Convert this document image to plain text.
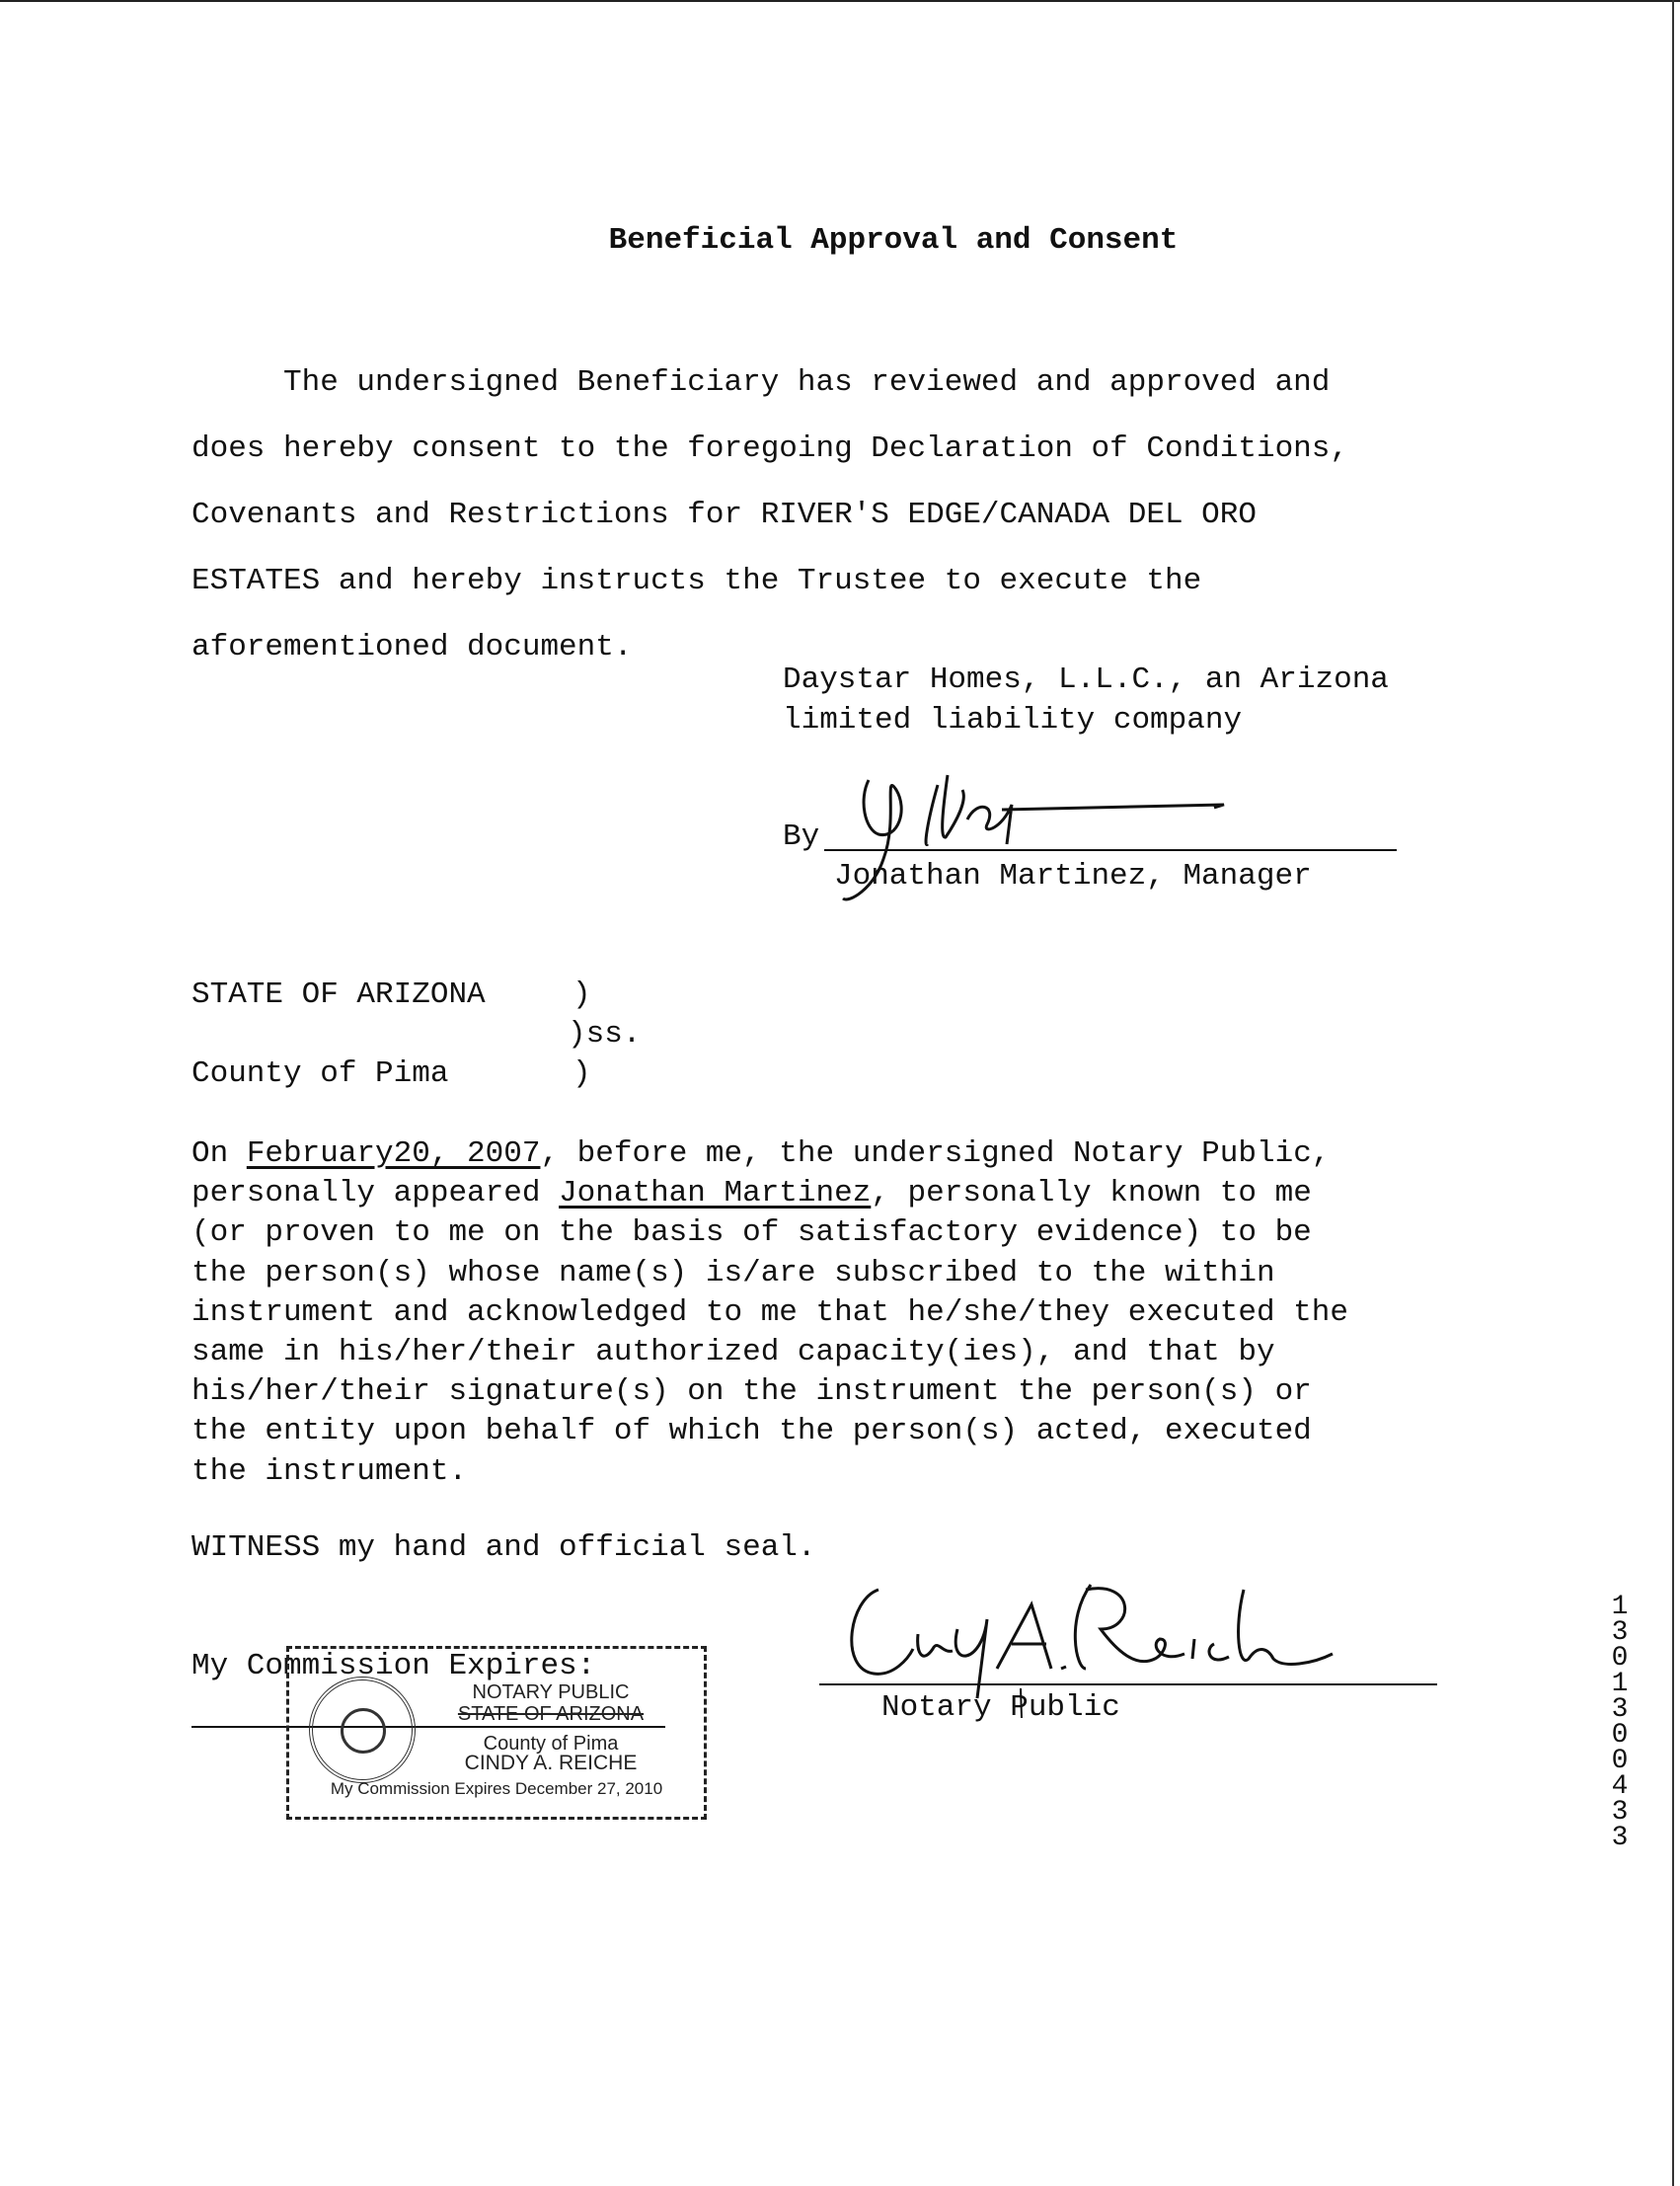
Beneficial Approval and Consent
The undersigned Beneficiary has reviewed and approved and
does hereby consent to the foregoing Declaration of Conditions,
Covenants and Restrictions for RIVER'S EDGE/CANADA DEL ORO
ESTATES and hereby instructs the Trustee to execute the
aforementioned document.
Daystar Homes, L.L.C., an Arizona
limited liability company
By
Jonathan Martinez, Manager
STATE OF ARIZONA	)
)ss.
County of Pima	)
On February20, 2007, before me, the undersigned Notary Public,
personally appeared Jonathan Martinez, personally known to me
(or proven to me on the basis of satisfactory evidence) to be
the person(s) whose name(s) is/are subscribed to the within
instrument and acknowledged to me that he/she/they executed the
same in his/her/their authorized capacity(ies), and that by
his/her/their signature(s) on the instrument the person(s) or
the entity upon behalf of which the person(s) acted, executed
the instrument.
WITNESS my hand and official seal.
My Commission Expires:
NOTARY PUBLIC
STATE OF ARIZONA
County of Pima
CINDY A. REICHE
My Commission Expires December 27, 2010
Notary Public
13013 00433
